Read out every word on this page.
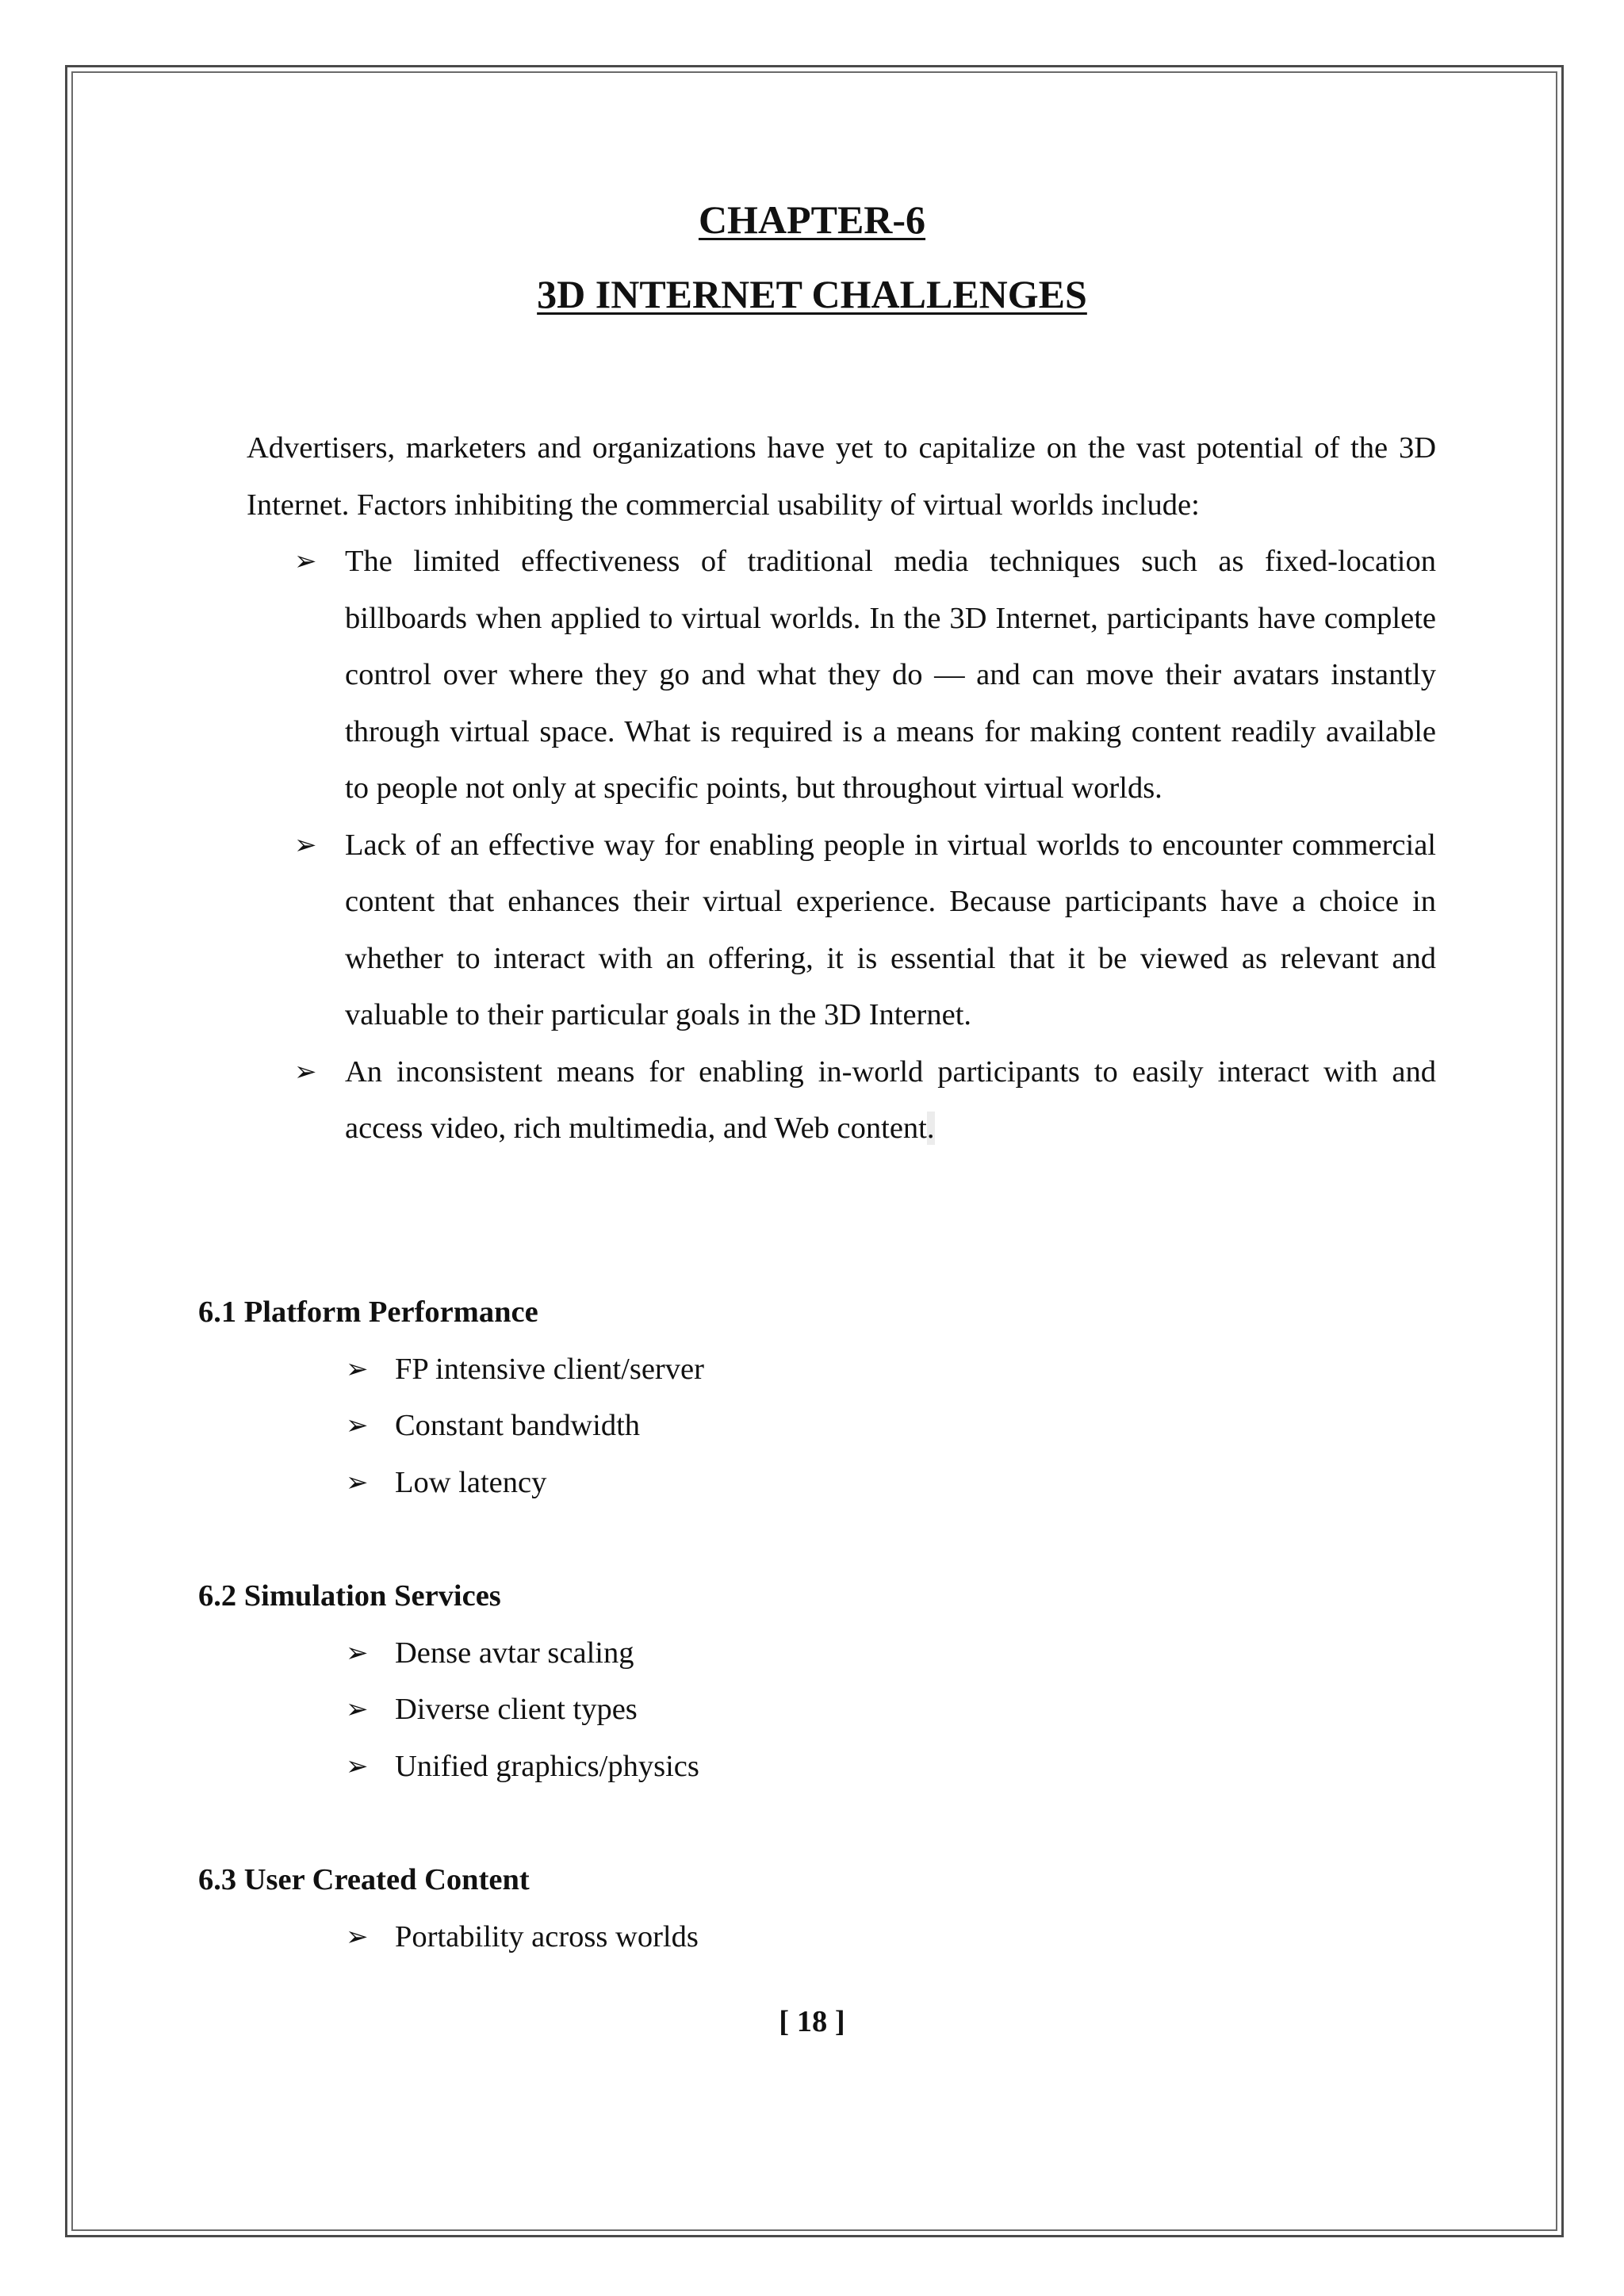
CHAPTER-6
3D INTERNET CHALLENGES

Advertisers, marketers and organizations have yet to capitalize on the vast potential of the 3D Internet. Factors inhibiting the commercial usability of virtual worlds include:

➢ The limited effectiveness of traditional media techniques such as fixed-location billboards when applied to virtual worlds. In the 3D Internet, participants have complete control over where they go and what they do — and can move their avatars instantly through virtual space. What is required is a means for making content readily available to people not only at specific points, but throughout virtual worlds.
➢ Lack of an effective way for enabling people in virtual worlds to encounter commercial content that enhances their virtual experience. Because participants have a choice in whether to interact with an offering, it is essential that it be viewed as relevant and valuable to their particular goals in the 3D Internet.
➢ An inconsistent means for enabling in-world participants to easily interact with and access video, rich multimedia, and Web content.
6.1 Platform Performance
➢ FP intensive client/server
➢ Constant bandwidth
➢ Low latency
6.2 Simulation Services
➢ Dense avtar scaling
➢ Diverse client types
➢ Unified graphics/physics
6.3 User Created Content
➢ Portability across worlds

[ 18 ]
